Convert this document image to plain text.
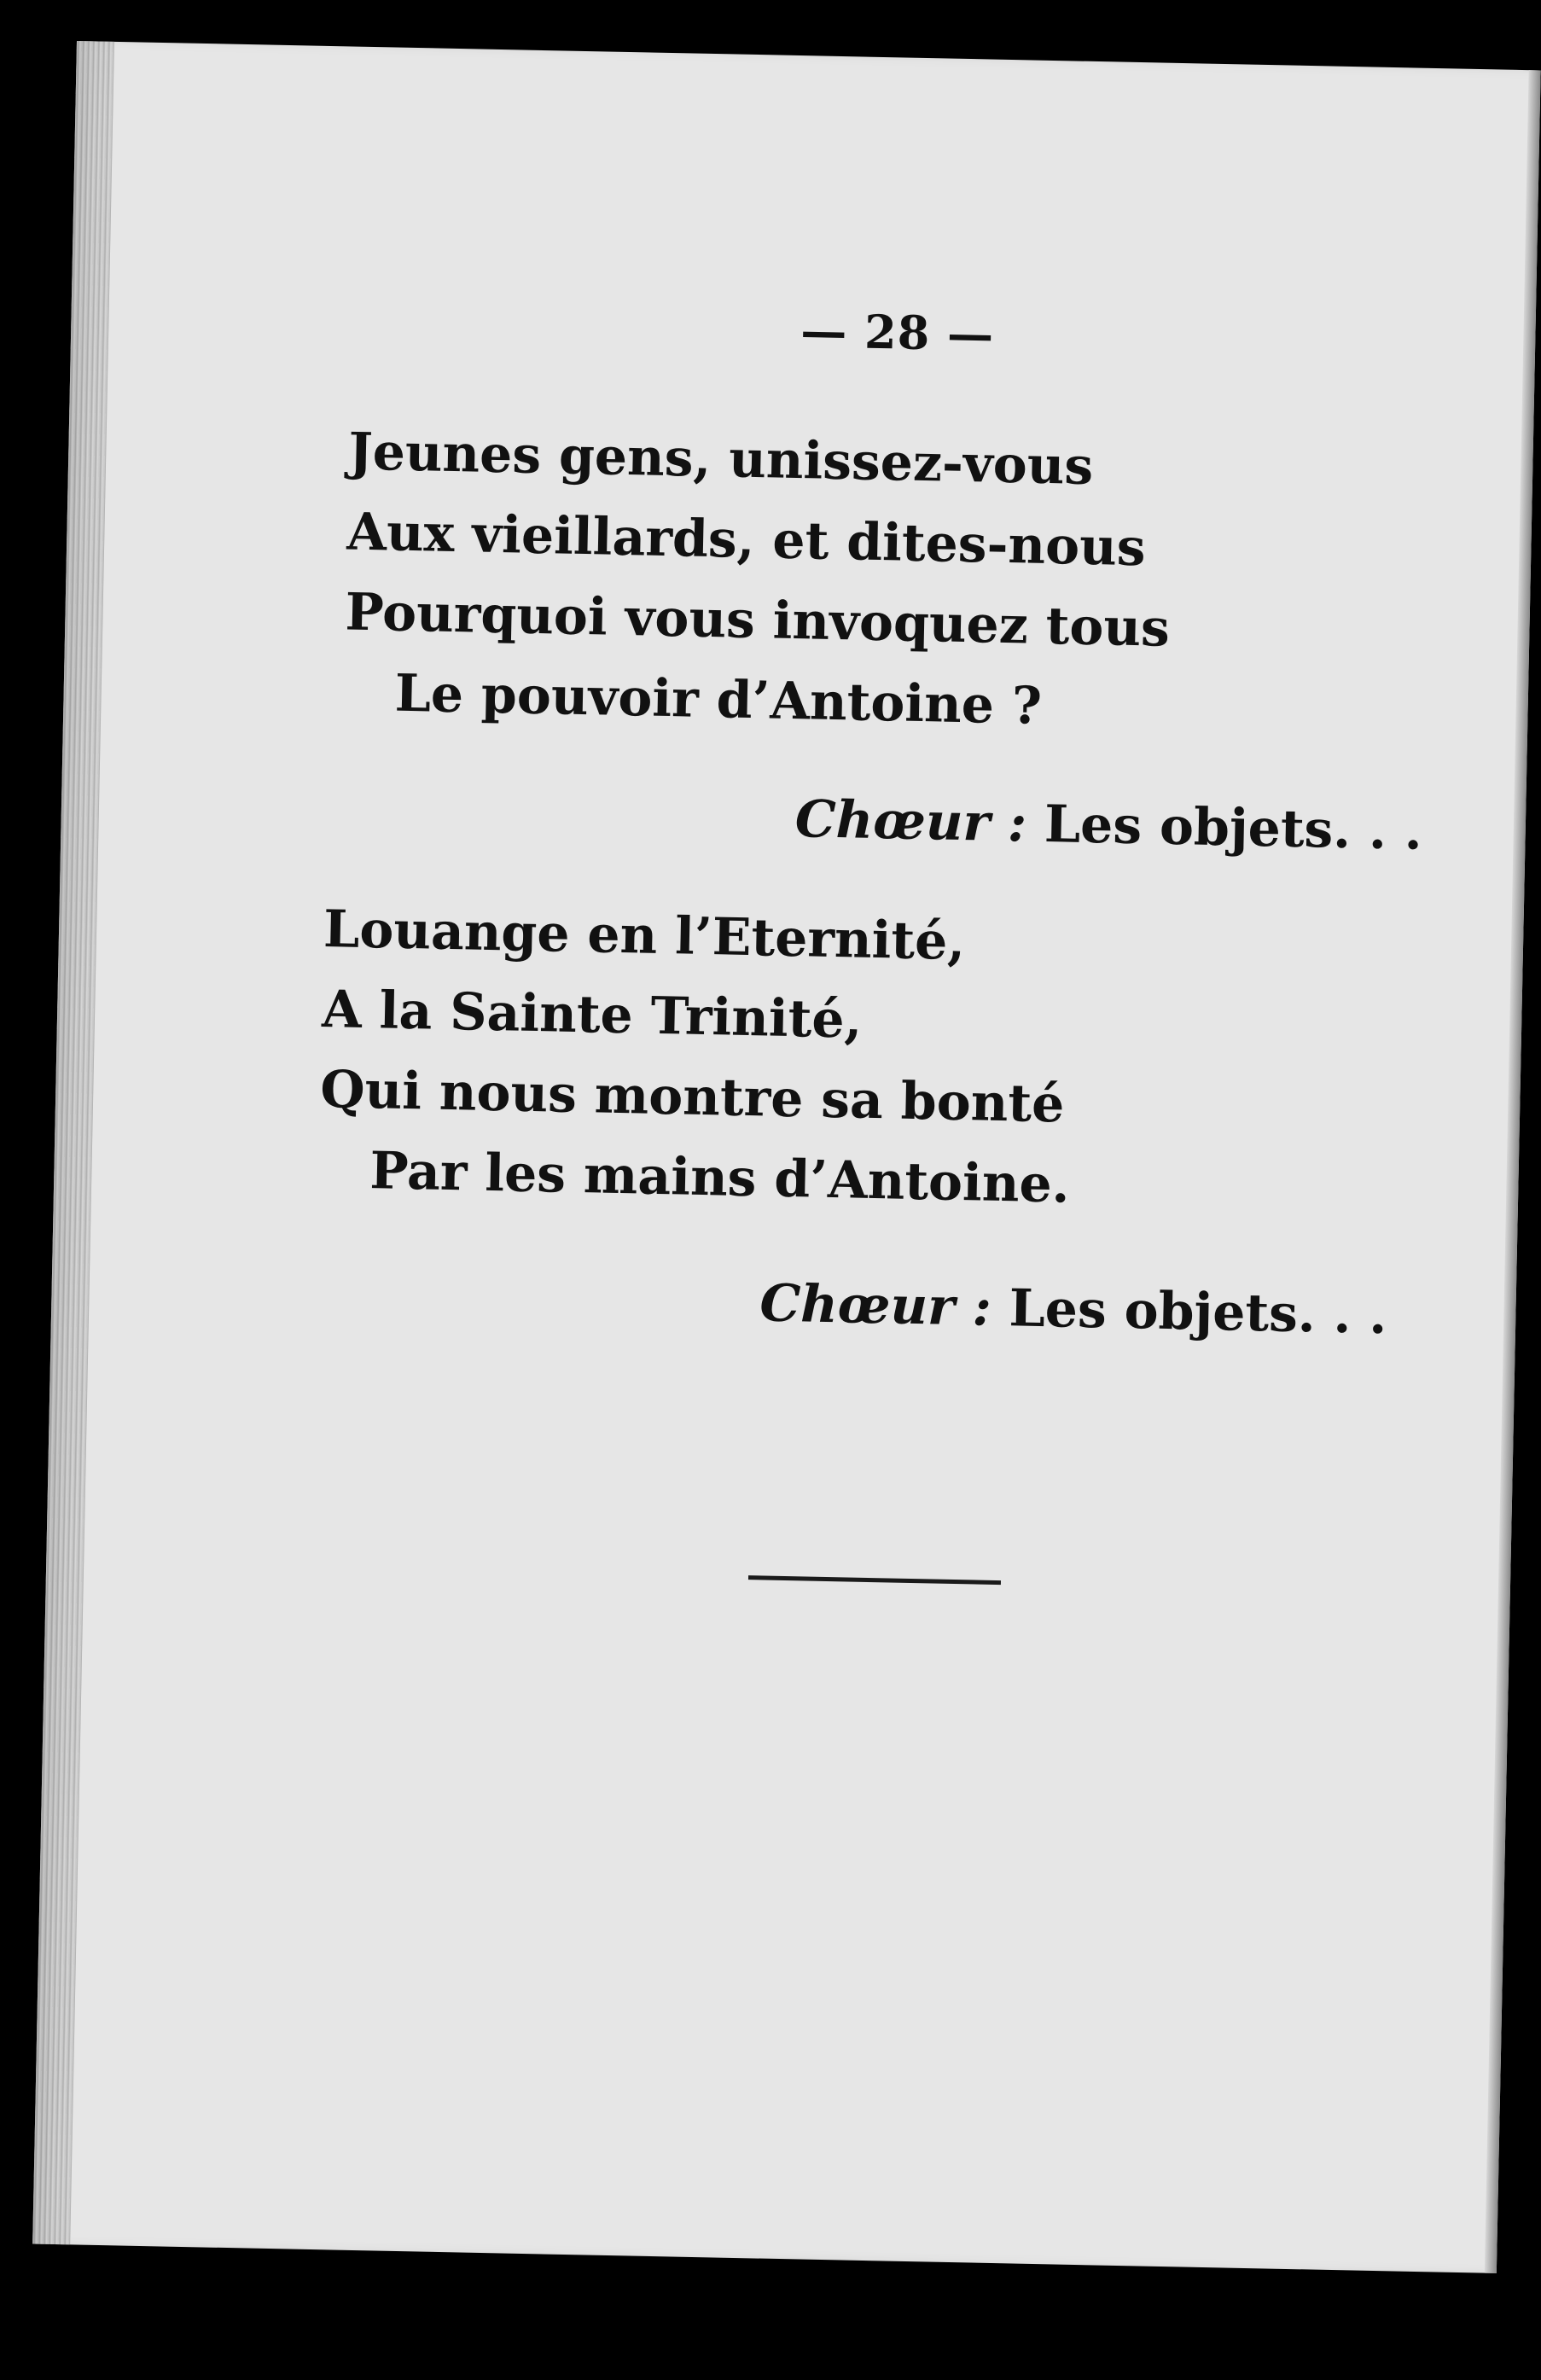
— 28 —

Jeunes gens, unissez-vous
Aux vieillards, et dites-nous
Pourquoi vous invoquez tous
Le pouvoir d’Antoine ?

Chœur : Les objets. . .

Louange en l’Eternité,
A la Sainte Trinité,
Qui nous montre sa bonté
Par les mains d’Antoine.

Chœur : Les objets. . .
